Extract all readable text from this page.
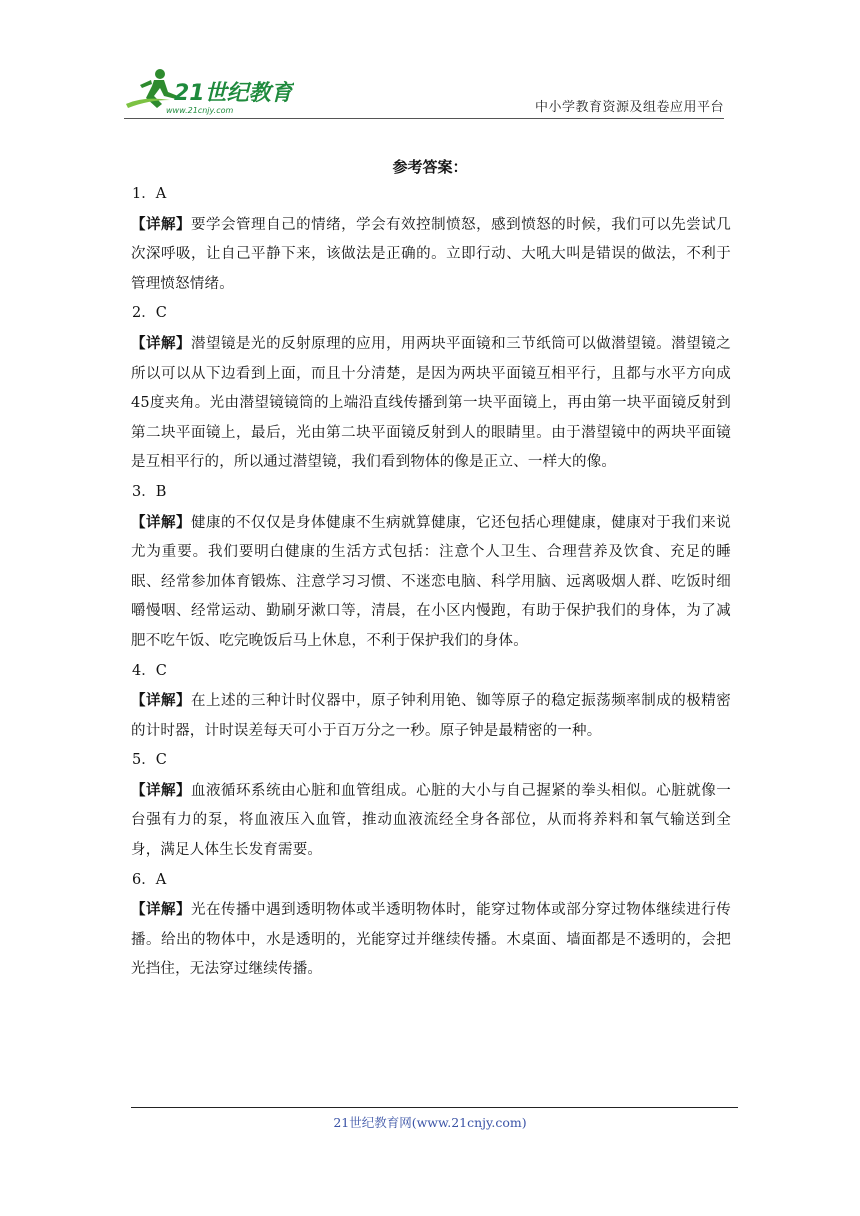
21世纪教育
www.21cnjy.com	中小学教育资源及组卷应用平台
参考答案：

1．A

【详解】要学会管理自己的情绪，学会有效控制愤怒，感到愤怒的时候，我们可以先尝试几次深呼吸，让自己平静下来，该做法是正确的。立即行动、大吼大叫是错误的做法，不利于管理愤怒情绪。

2．C

【详解】潜望镜是光的反射原理的应用，用两块平面镜和三节纸筒可以做潜望镜。潜望镜之所以可以从下边看到上面，而且十分清楚，是因为两块平面镜互相平行，且都与水平方向成45度夹角。光由潜望镜镜筒的上端沿直线传播到第一块平面镜上，再由第一块平面镜反射到第二块平面镜上，最后，光由第二块平面镜反射到人的眼睛里。由于潜望镜中的两块平面镜是互相平行的，所以通过潜望镜，我们看到物体的像是正立、一样大的像。

3．B

【详解】健康的不仅仅是身体健康不生病就算健康，它还包括心理健康，健康对于我们来说尤为重要。我们要明白健康的生活方式包括：注意个人卫生、合理营养及饮食、充足的睡眠、经常参加体育锻炼、注意学习习惯、不迷恋电脑、科学用脑、远离吸烟人群、吃饭时细嚼慢咽、经常运动、勤刷牙漱口等，清晨，在小区内慢跑，有助于保护我们的身体，为了减肥不吃午饭、吃完晚饭后马上休息，不利于保护我们的身体。

4．C

【详解】在上述的三种计时仪器中，原子钟利用铯、铷等原子的稳定振荡频率制成的极精密的计时器，计时误差每天可小于百万分之一秒。原子钟是最精密的一种。

5．C

【详解】血液循环系统由心脏和血管组成。心脏的大小与自己握紧的拳头相似。心脏就像一台强有力的泵，将血液压入血管，推动血液流经全身各部位，从而将养料和氧气输送到全身，满足人体生长发育需要。

6．A

【详解】光在传播中遇到透明物体或半透明物体时，能穿过物体或部分穿过物体继续进行传播。给出的物体中，水是透明的，光能穿过并继续传播。木桌面、墙面都是不透明的，会把光挡住，无法穿过继续传播。

21世纪教育网(www.21cnjy.com)
